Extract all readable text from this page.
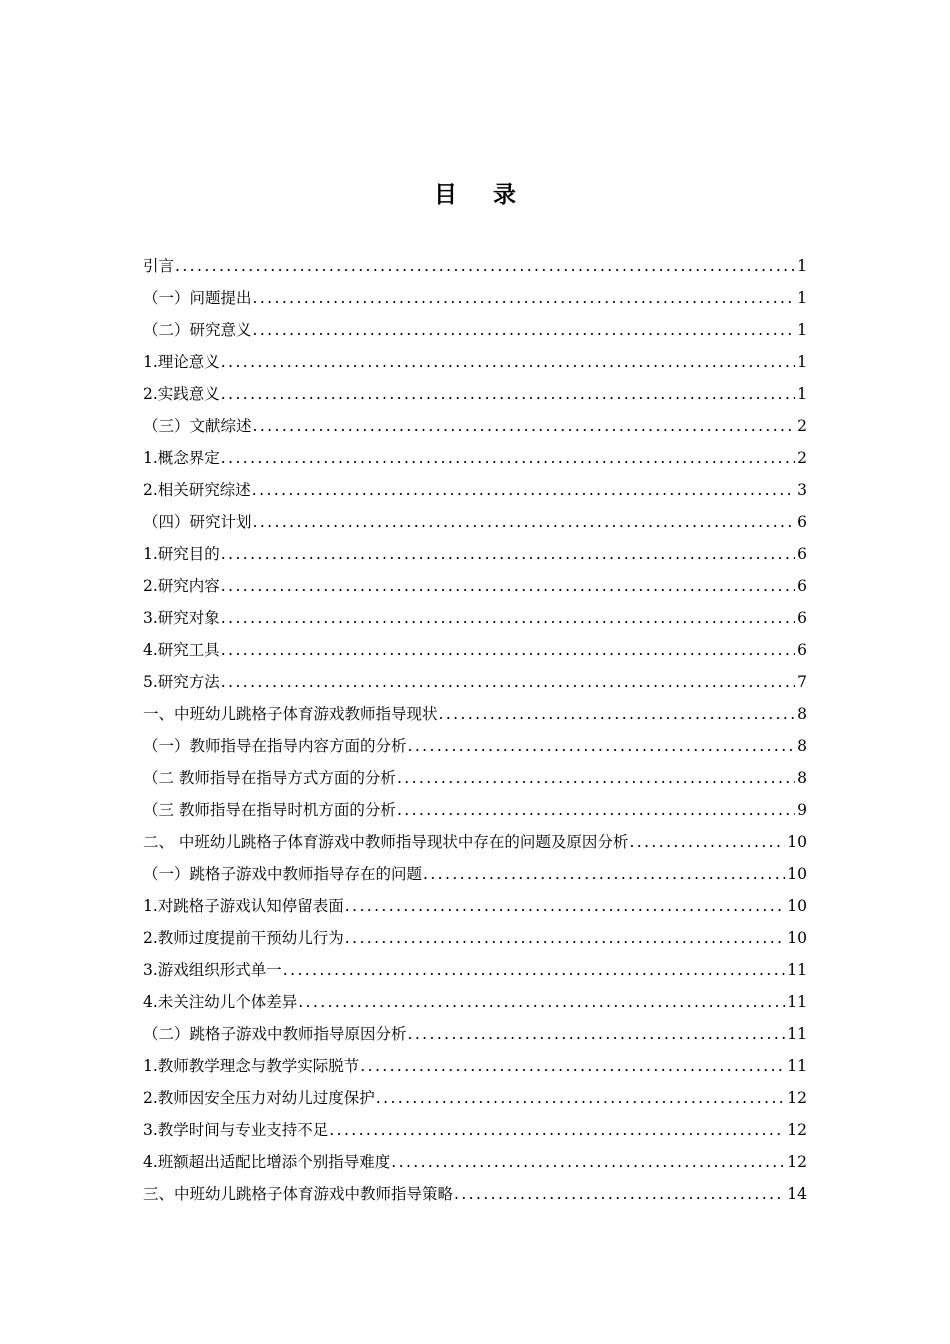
目 录
引言 .....	1
（一）问题提出 .....	1
（二）研究意义 .....	1
1.理论意义 .....	1
2.实践意义 .....	1
（三）文献综述 .....	2
1.概念界定 .....	2
2.相关研究综述 .....	3
（四）研究计划 .....	6
1.研究目的 .....	6
2.研究内容 .....	6
3.研究对象 .....	6
4.研究工具 .....	6
5.研究方法 .....	7
一、中班幼儿跳格子体育游戏教师指导现状 .....	8
（一）教师指导在指导内容方面的分析 .....	8
（二 教师指导在指导方式方面的分析 .....	8
（三 教师指导在指导时机方面的分析 .....	9
二、 中班幼儿跳格子体育游戏中教师指导现状中存在的问题及原因分析 .....	10
（一）跳格子游戏中教师指导存在的问题 .....	10
1.对跳格子游戏认知停留表面 .....	10
2.教师过度提前干预幼儿行为 .....	10
3.游戏组织形式单一 .....	11
4.未关注幼儿个体差异 .....	11
（二）跳格子游戏中教师指导原因分析 .....	11
1.教师教学理念与教学实际脱节 .....	11
2.教师因安全压力对幼儿过度保护 .....	12
3.教学时间与专业支持不足 .....	12
4.班额超出适配比增添个别指导难度 .....	12
三、中班幼儿跳格子体育游戏中教师指导策略 .....	14
